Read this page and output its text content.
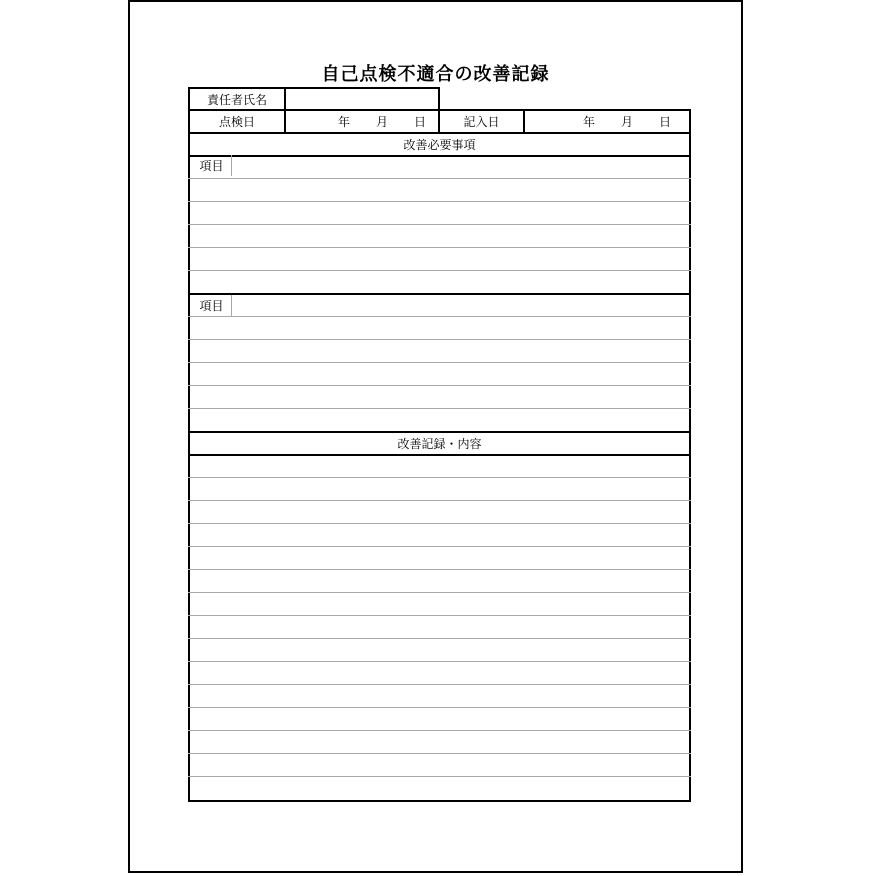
自己点検不適合の改善記録
責任者氏名
点検日	年 月 日	記入日	年 月 日
改善必要事項
項目
項目
改善記録・内容
